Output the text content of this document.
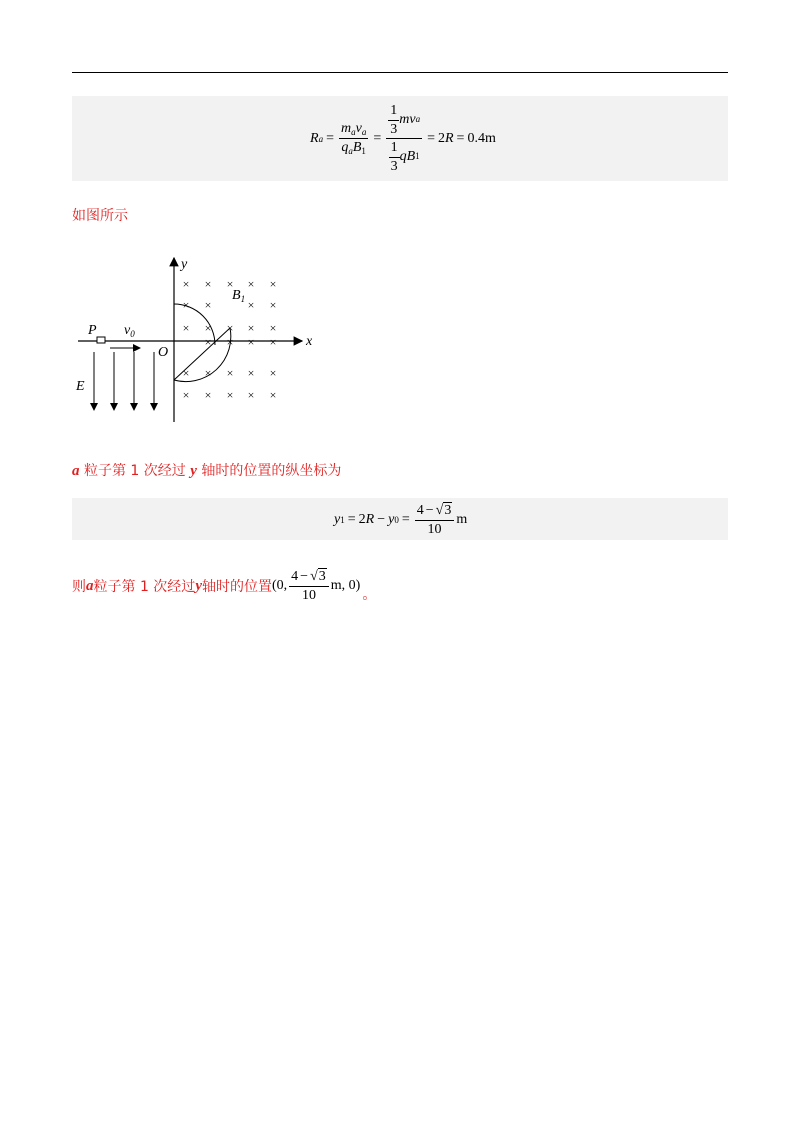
R $a = \frac{m_av_a}{q_aB_1} = \frac{\frac{1}{3} m v a}{\frac{1}{3} q B 1} = 2$ R = 0.4m
如图所示
y
x
O
P $v_0$
E
$B_1$
× × × × ×
× ×	× ×
× × × × ×
× × × ×
× × × × ×
× × × × ×
a 粒子第 1 次经过 y 轴时的位置的纵坐标为
y 1 = 2 R − y $0 = \frac{4 - √3}{10}$ m
则 a 粒子第 1 次经过 y 轴时的位置 (0, $\frac{4 - √3}{10} m$, 0)
。
